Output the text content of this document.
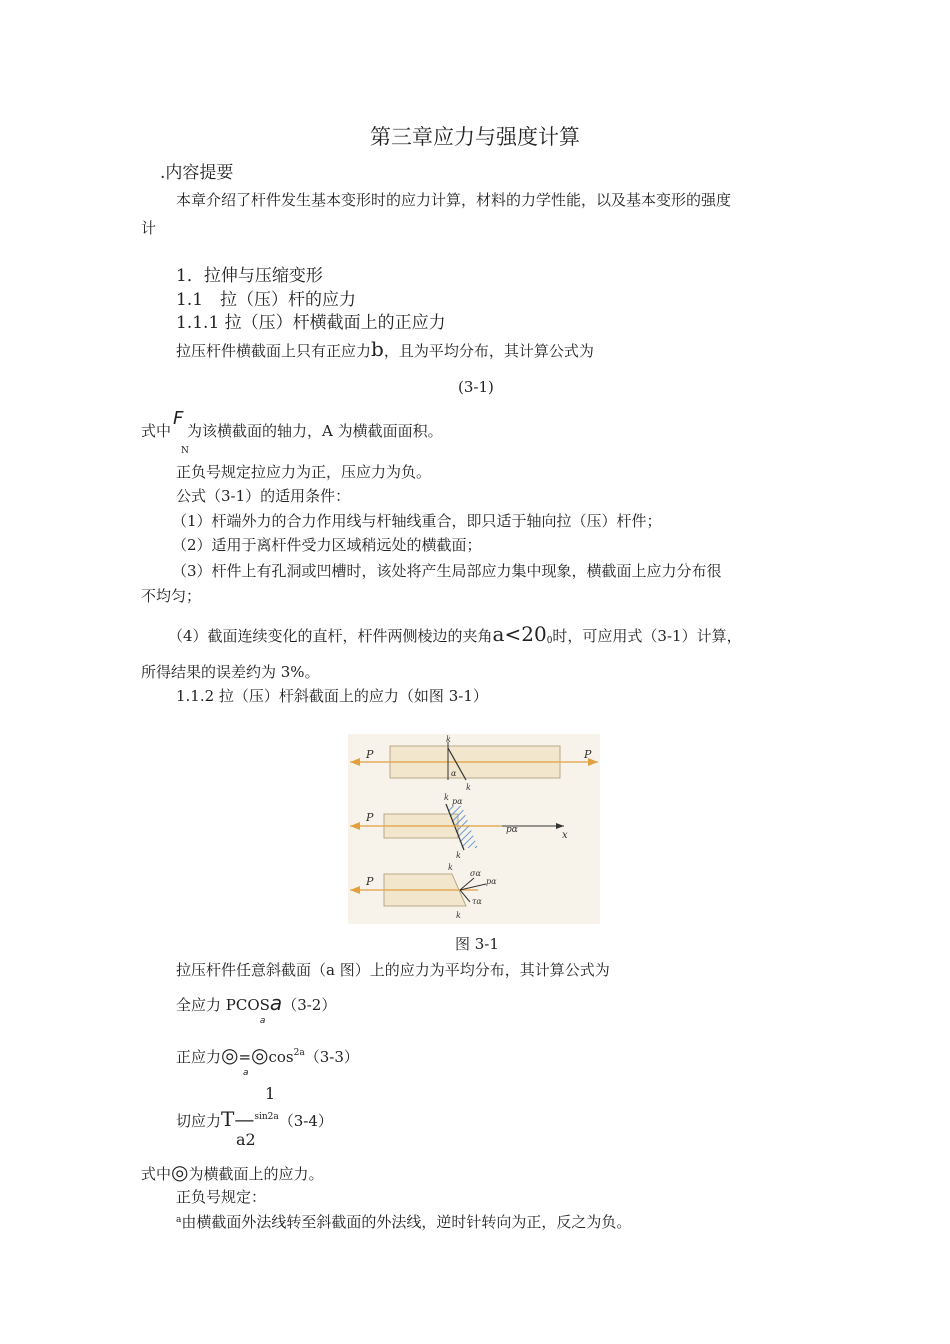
第三章应力与强度计算
.内容提要
本章介绍了杆件发生基本变形时的应力计算，材料的力学性能，以及基本变形的强度
计
1．拉伸与压缩变形
1.1　拉（压）杆的应力
1.1.1 拉（压）杆横截面上的正应力
拉压杆件横截面上只有正应力b，且为平均分布，其计算公式为
(3-1)
式中
F
N
为该横截面的轴力，A 为横截面面积。
正负号规定拉应力为正，压应力为负。
公式（3-1）的适用条件：
（1）杆端外力的合力作用线与杆轴线重合，即只适于轴向拉（压）杆件；
（2）适用于离杆件受力区域稍远处的横截面；
（3）杆件上有孔洞或凹槽时，该处将产生局部应力集中现象，横截面上应力分布很
不均匀；
（4）截面连续变化的直杆，杆件两侧棱边的夹角a<200时，可应用式（3-1）计算，
所得结果的误差约为 3%。
1.1.2 拉（压）杆斜截面上的应力（如图 3-1）
P	P
k
k
α
P
pα
pα	x
k
k
P
σα
pα
τα
k
k
图 3-1
拉压杆件任意斜截面（a 图）上的应力为平均分布，其计算公式为
全应力 PCOSa
a
（3-2）
正应力◎
a
$=◎\cos^{2a}(3-3)$
1
切应力T—$^{sin2a}$（3-4）
a2
式中◎为横截面上的应力。
正负号规定：
$^a$由横截面外法线转至斜截面的外法线，逆时针转向为正，反之为负。
